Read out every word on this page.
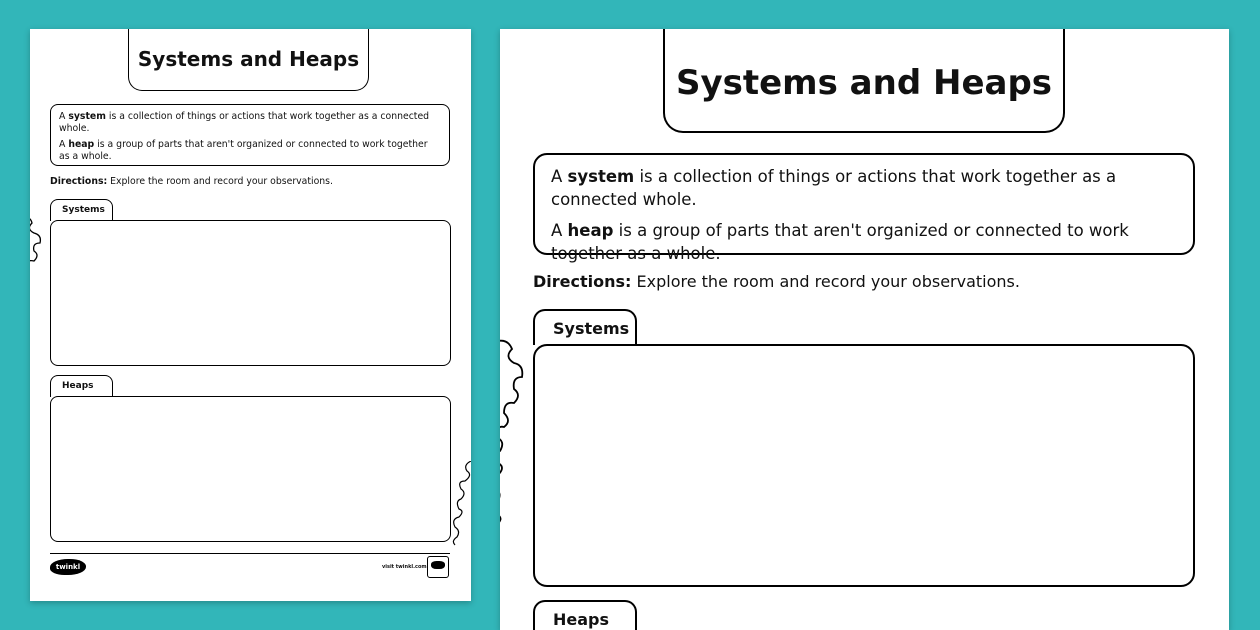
Systems and Heaps

A system is a collection of things or actions that work together as a connected whole.

A heap is a group of parts that aren't organized or connected to work together as a whole.

Directions: Explore the room and record your observations.
Systems
Heaps
twinkl	visit twinkl.com
Systems and Heaps

A system is a collection of things or actions that work together as a connected whole.

A heap is a group of parts that aren't organized or connected to work together as a whole.

Directions: Explore the room and record your observations.
Systems
Heaps
